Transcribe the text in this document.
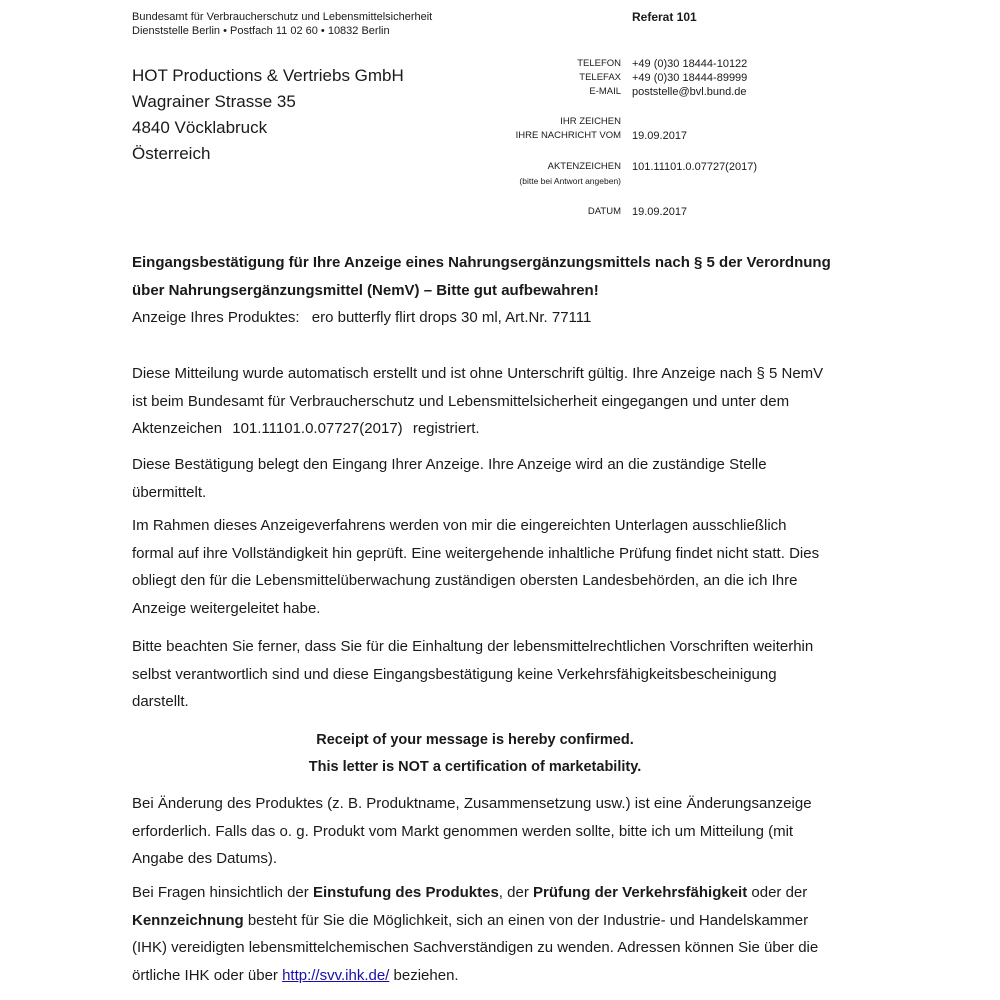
Bundesamt für Verbraucherschutz und Lebensmittelsicherheit
Dienststelle Berlin • Postfach 11 02 60 • 10832 Berlin
Referat 101
HOT Productions & Vertriebs GmbH
Wagrainer Strasse 35
4840 Vöcklabruck
Österreich
TELEFON	+49 (0)30 18444-10122
TELEFAX	+49 (0)30 18444-89999
E-MAIL	poststelle@bvl.bund.de
IHR ZEICHEN
IHRE NACHRICHT VOM	19.09.2017
AKTENZEICHEN	101.11101.0.07727(2017)
(bitte bei Antwort angeben)
DATUM	19.09.2017
Eingangsbestätigung für Ihre Anzeige eines Nahrungsergänzungsmittels nach § 5 der Verordnung über Nahrungsergänzungsmittel (NemV) – Bitte gut aufbewahren!
Anzeige Ihres Produktes: ero butterfly flirt drops 30 ml, Art.Nr. 77111
Diese Mitteilung wurde automatisch erstellt und ist ohne Unterschrift gültig. Ihre Anzeige nach § 5 NemV ist beim Bundesamt für Verbraucherschutz und Lebensmittelsicherheit eingegangen und unter dem Aktenzeichen 101.11101.0.07727(2017) registriert.
Diese Bestätigung belegt den Eingang Ihrer Anzeige. Ihre Anzeige wird an die zuständige Stelle übermittelt.
Im Rahmen dieses Anzeigeverfahrens werden von mir die eingereichten Unterlagen ausschließlich formal auf ihre Vollständigkeit hin geprüft. Eine weitergehende inhaltliche Prüfung findet nicht statt. Dies obliegt den für die Lebensmittelüberwachung zuständigen obersten Landesbehörden, an die ich Ihre Anzeige weitergeleitet habe.
Bitte beachten Sie ferner, dass Sie für die Einhaltung der lebensmittelrechtlichen Vorschriften weiterhin selbst verantwortlich sind und diese Eingangsbestätigung keine Verkehrsfähigkeitsbescheinigung darstellt.
Receipt of your message is hereby confirmed.
This letter is NOT a certification of marketability.
Bei Änderung des Produktes (z. B. Produktname, Zusammensetzung usw.) ist eine Änderungsanzeige erforderlich. Falls das o. g. Produkt vom Markt genommen werden sollte, bitte ich um Mitteilung (mit Angabe des Datums).
Bei Fragen hinsichtlich der Einstufung des Produktes, der Prüfung der Verkehrsfähigkeit oder der Kennzeichnung besteht für Sie die Möglichkeit, sich an einen von der Industrie- und Handelskammer (IHK) vereidigten lebensmittelchemischen Sachverständigen zu wenden. Adressen können Sie über die örtliche IHK oder über http://svv.ihk.de/ beziehen.
